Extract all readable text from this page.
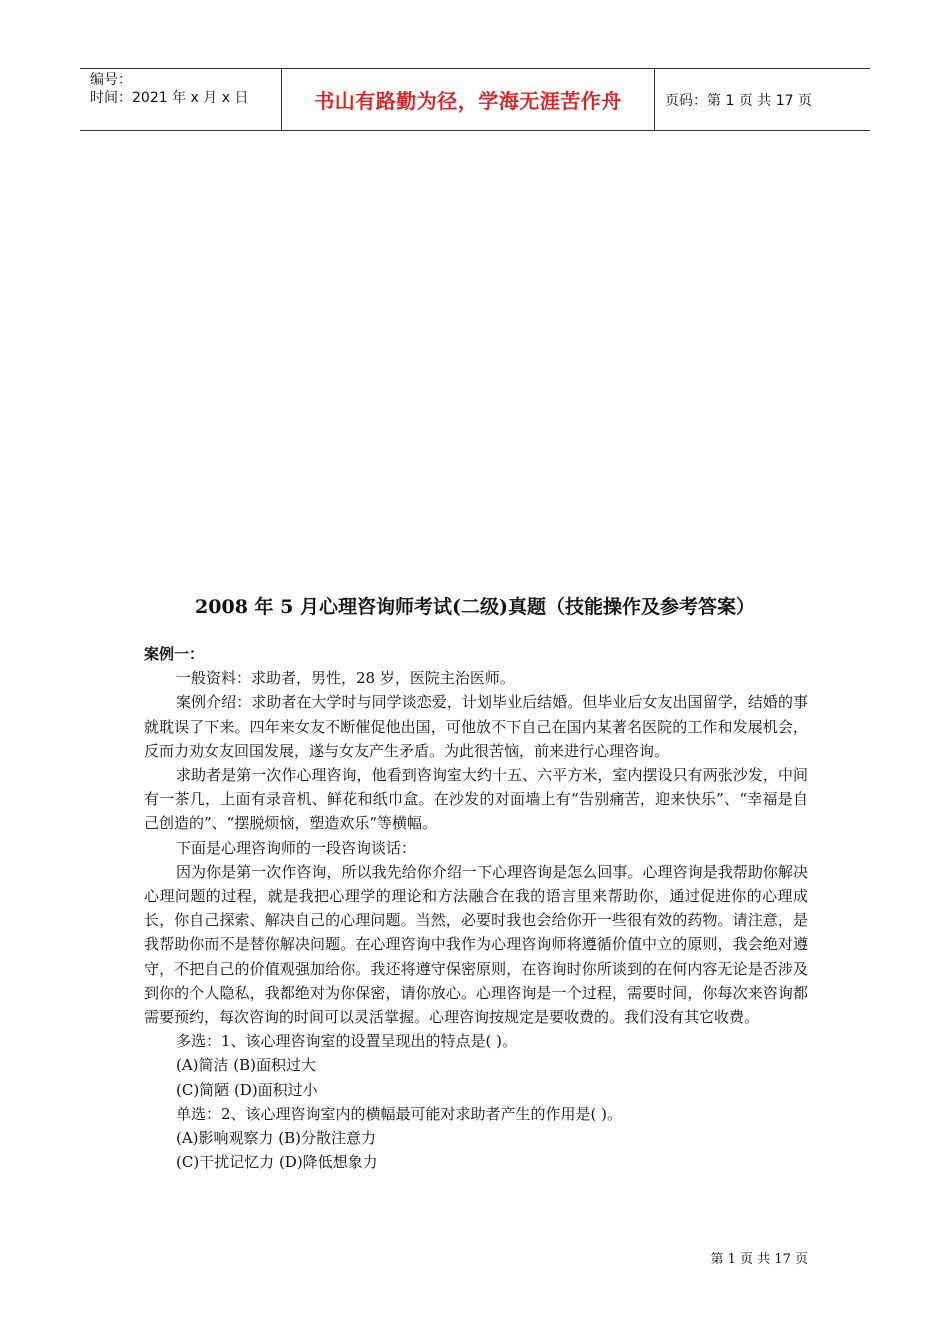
编号：
时间：2021 年 x 月 x 日	书山有路勤为径，学海无涯苦作舟	页码：第 1 页 共 17 页
2008 年 5 月心理咨询师考试(二级)真题（技能操作及参考答案）
案例一：

一般资料：求助者，男性，28 岁，医院主治医师。

案例介绍：求助者在大学时与同学谈恋爱，计划毕业后结婚。但毕业后女友出国留学，结婚的事就耽误了下来。四年来女友不断催促他出国，可他放不下自己在国内某著名医院的工作和发展机会，反而力劝女友回国发展，遂与女友产生矛盾。为此很苦恼，前来进行心理咨询。

求助者是第一次作心理咨询，他看到咨询室大约十五、六平方米，室内摆设只有两张沙发，中间有一茶几，上面有录音机、鲜花和纸巾盒。在沙发的对面墙上有“告别痛苦，迎来快乐”、“幸福是自己创造的”、“摆脱烦恼，塑造欢乐”等横幅。

下面是心理咨询师的一段咨询谈话：

因为你是第一次作咨询，所以我先给你介绍一下心理咨询是怎么回事。心理咨询是我帮助你解决心理问题的过程，就是我把心理学的理论和方法融合在我的语言里来帮助你，通过促进你的心理成长，你自己探索、解决自己的心理问题。当然，必要时我也会给你开一些很有效的药物。请注意，是我帮助你而不是替你解决问题。在心理咨询中我作为心理咨询师将遵循价值中立的原则，我会绝对遵守，不把自己的价值观强加给你。我还将遵守保密原则，在咨询时你所谈到的在何内容无论是否涉及到你的个人隐私，我都绝对为你保密，请你放心。心理咨询是一个过程，需要时间，你每次来咨询都需要预约，每次咨询的时间可以灵活掌握。心理咨询按规定是要收费的。我们没有其它收费。

多选：1、该心理咨询室的设置呈现出的特点是( )。

(A)简洁 (B)面积过大

(C)简陋 (D)面积过小

单选：2、该心理咨询室内的横幅最可能对求助者产生的作用是( )。

(A)影响观察力 (B)分散注意力

(C)干扰记忆力 (D)降低想象力

第 1 页 共 17 页
